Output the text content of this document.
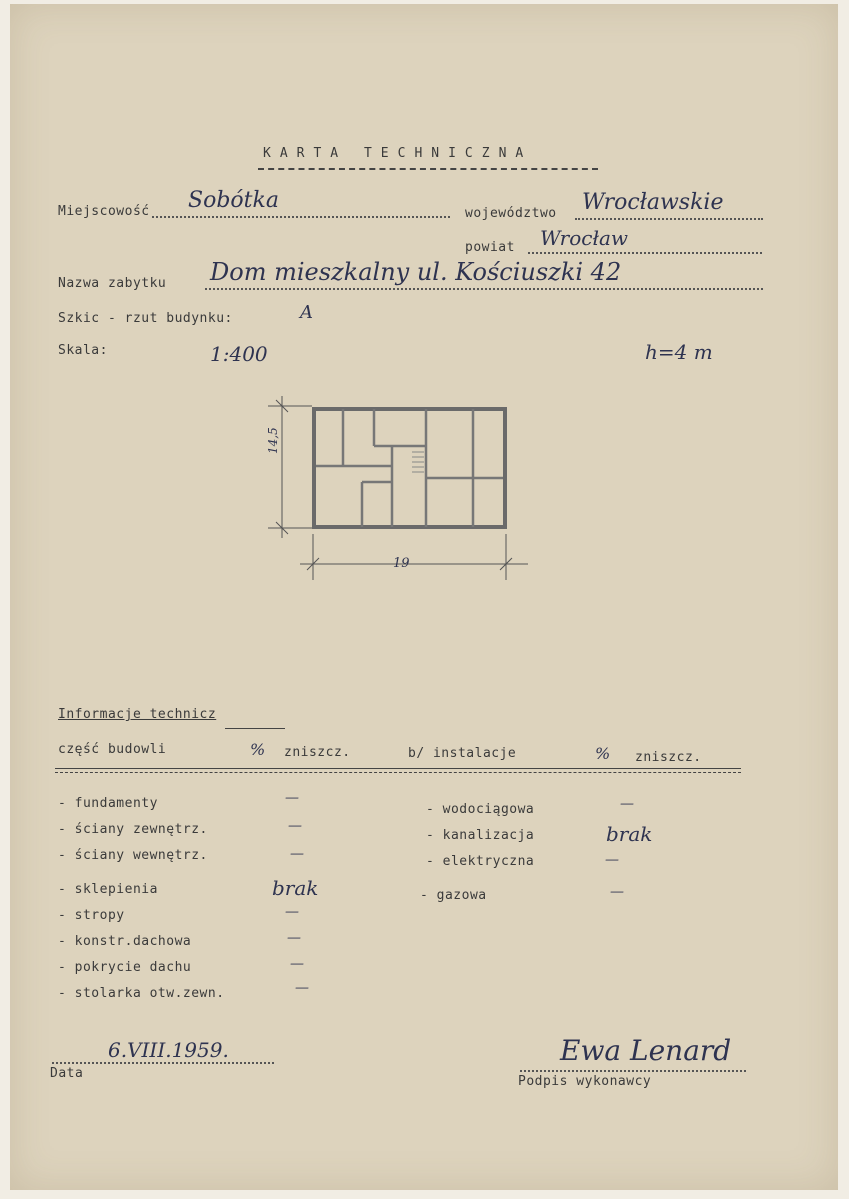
KARTA TECHNICZNA
Miejscowość Sobótka
województwo Wrocławskie
powiat Wrocław
Nazwa zabytku Dom mieszkalny ul. Kościuszki 42
Szkic - rzut budynku:	A
Skala:	1:400	h=4 m
14,5
19
Informacje technicz
część budowli	% zniszcz.	b/ instalacje	% zniszcz.
- fundamenty	—
- ściany zewnętrz.	—
- ściany wewnętrz.	—
- sklepienia	brak
- stropy	—
- konstr.dachowa	—
- pokrycie dachu	—
- stolarka otw.zewn.	—
- wodociągowa	—
- kanalizacja	brak
- elektryczna	—
- gazowa	—
6.VIII.1959.
Data
Ewa Lenard
Podpis wykonawcy
